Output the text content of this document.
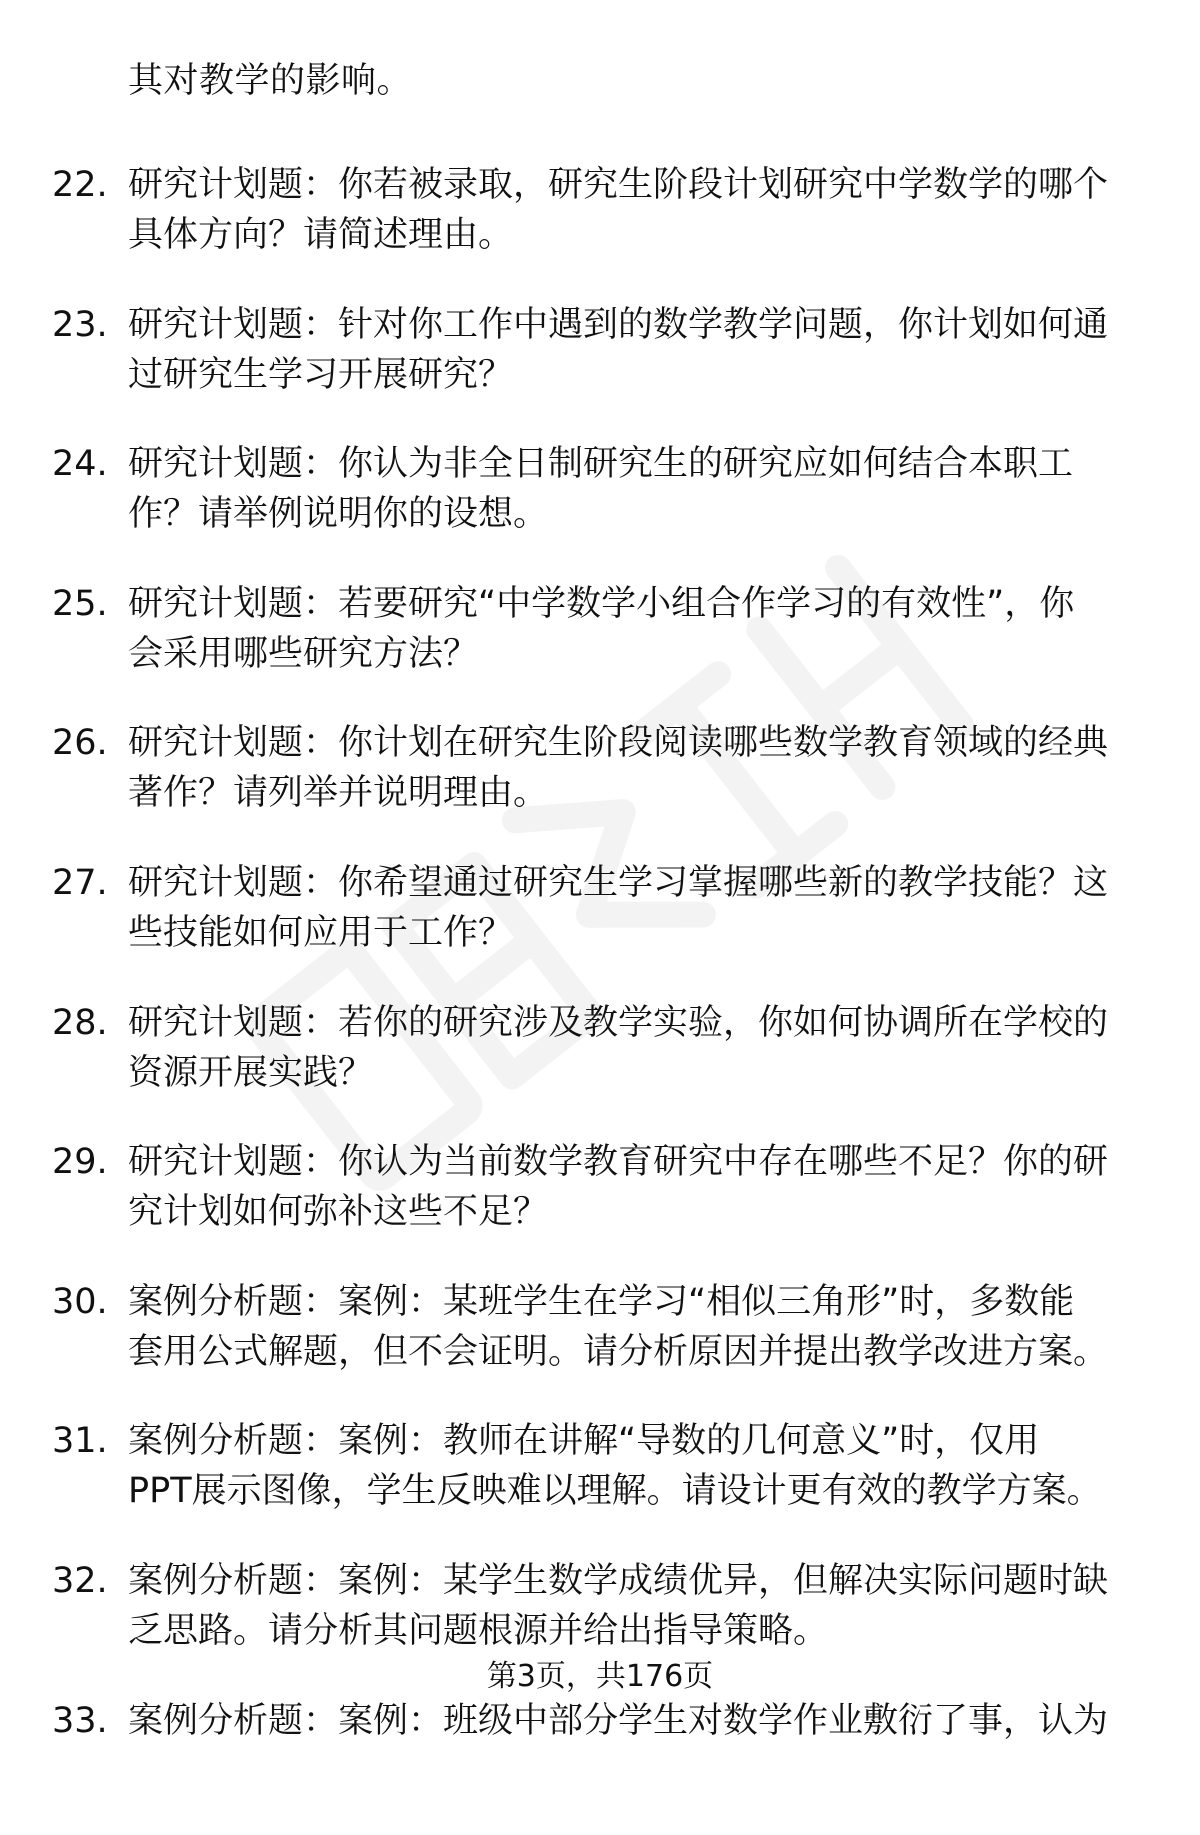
其对教学的影响。
22. 研究计划题：你若被录取，研究生阶段计划研究中学数学的哪个
具体方向？请简述理由。
23. 研究计划题：针对你工作中遇到的数学教学问题，你计划如何通
过研究生学习开展研究？
24. 研究计划题：你认为非全日制研究生的研究应如何结合本职工
作？请举例说明你的设想。
25. 研究计划题：若要研究“中学数学小组合作学习的有效性”，你
会采用哪些研究方法？
26. 研究计划题：你计划在研究生阶段阅读哪些数学教育领域的经典
著作？请列举并说明理由。
27. 研究计划题：你希望通过研究生学习掌握哪些新的教学技能？这
些技能如何应用于工作？
28. 研究计划题：若你的研究涉及教学实验，你如何协调所在学校的
资源开展实践？
29. 研究计划题：你认为当前数学教育研究中存在哪些不足？你的研
究计划如何弥补这些不足？
30. 案例分析题：案例：某班学生在学习“相似三角形”时，多数能
套用公式解题，但不会证明。请分析原因并提出教学改进方案。
31. 案例分析题：案例：教师在讲解“导数的几何意义”时，仅用
PPT展示图像，学生反映难以理解。请设计更有效的教学方案。
32. 案例分析题：案例：某学生数学成绩优异，但解决实际问题时缺
乏思路。请分析其问题根源并给出指导策略。
33. 案例分析题：案例：班级中部分学生对数学作业敷衍了事，认为
第3页，共176页
